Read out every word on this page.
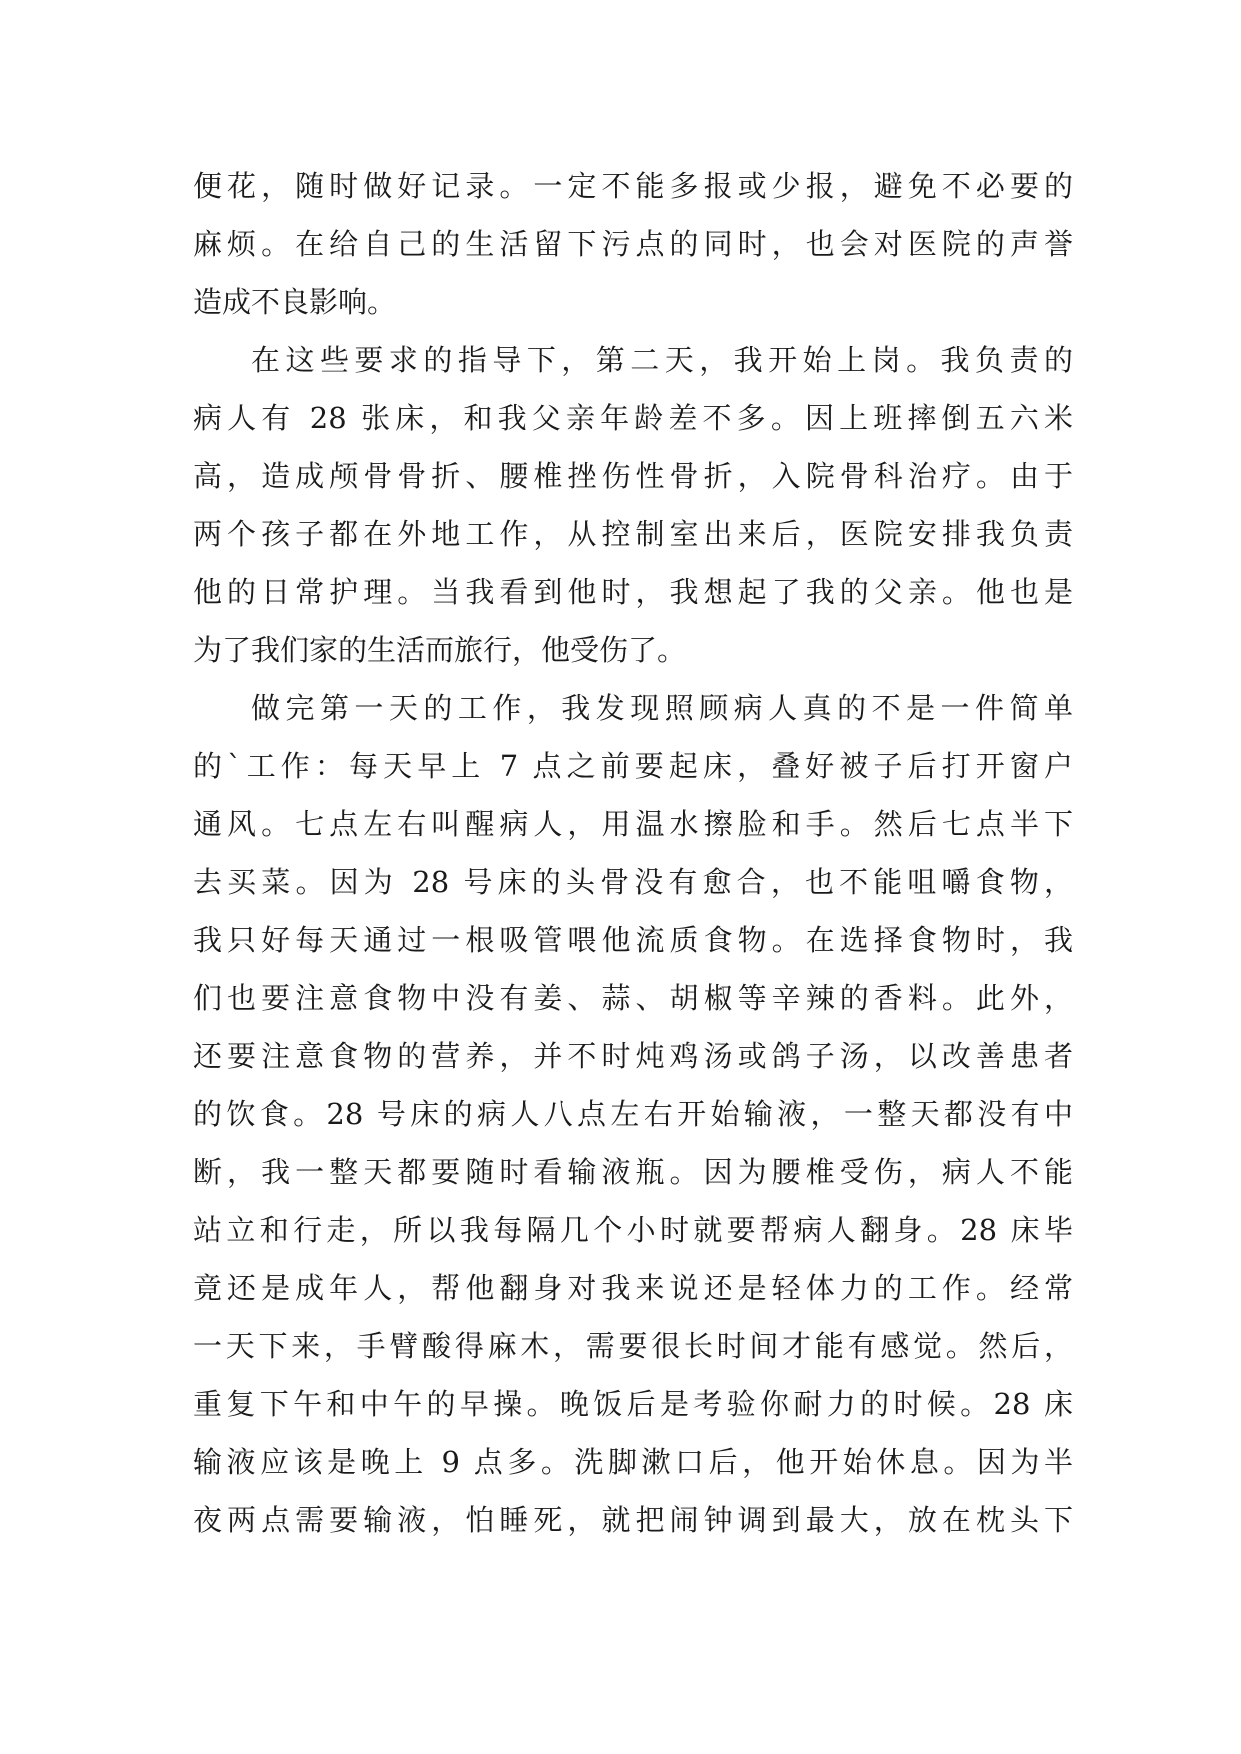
便花，随时做好记录。一定不能多报或少报，避免不必要的
麻烦。在给自己的生活留下污点的同时，也会对医院的声誉
造成不良影响。
在这些要求的指导下，第二天，我开始上岗。我负责的
病人有 28 张床，和我父亲年龄差不多。因上班摔倒五六米
高，造成颅骨骨折、腰椎挫伤性骨折，入院骨科治疗。由于
两个孩子都在外地工作，从控制室出来后，医院安排我负责
他的日常护理。当我看到他时，我想起了我的父亲。他也是
为了我们家的生活而旅行，他受伤了。
做完第一天的工作，我发现照顾病人真的不是一件简单
的`工作：每天早上 7 点之前要起床，叠好被子后打开窗户
通风。七点左右叫醒病人，用温水擦脸和手。然后七点半下
去买菜。因为 28 号床的头骨没有愈合，也不能咀嚼食物，
我只好每天通过一根吸管喂他流质食物。在选择食物时，我
们也要注意食物中没有姜、蒜、胡椒等辛辣的香料。此外，
还要注意食物的营养，并不时炖鸡汤或鸽子汤，以改善患者
的饮食。28 号床的病人八点左右开始输液，一整天都没有中
断，我一整天都要随时看输液瓶。因为腰椎受伤，病人不能
站立和行走，所以我每隔几个小时就要帮病人翻身。28 床毕
竟还是成年人，帮他翻身对我来说还是轻体力的工作。经常
一天下来，手臂酸得麻木，需要很长时间才能有感觉。然后，
重复下午和中午的早操。晚饭后是考验你耐力的时候。28 床
输液应该是晚上 9 点多。洗脚漱口后，他开始休息。因为半
夜两点需要输液，怕睡死，就把闹钟调到最大，放在枕头下
